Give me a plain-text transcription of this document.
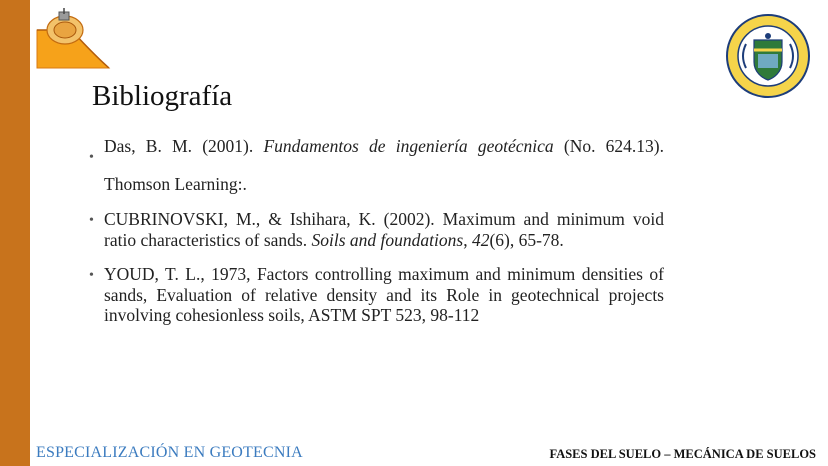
Bibliografía

•
Das, B. M. (2001). Fundamentos de ingeniería geotécnica (No. 624.13). Thomson Learning:.

• CUBRINOVSKI, M., & Ishihara, K. (2002). Maximum and minimum void ratio characteristics of sands. Soils and foundations, 42(6), 65-78.

• YOUD, T. L., 1973, Factors controlling maximum and minimum densities of sands, Evaluation of relative density and its Role in geotechnical projects involving cohesionless soils, ASTM SPT 523, 98-112

ESPECIALIZACIÓN EN GEOTECNIA	FASES DEL SUELO – MECÁNICA DE SUELOS
